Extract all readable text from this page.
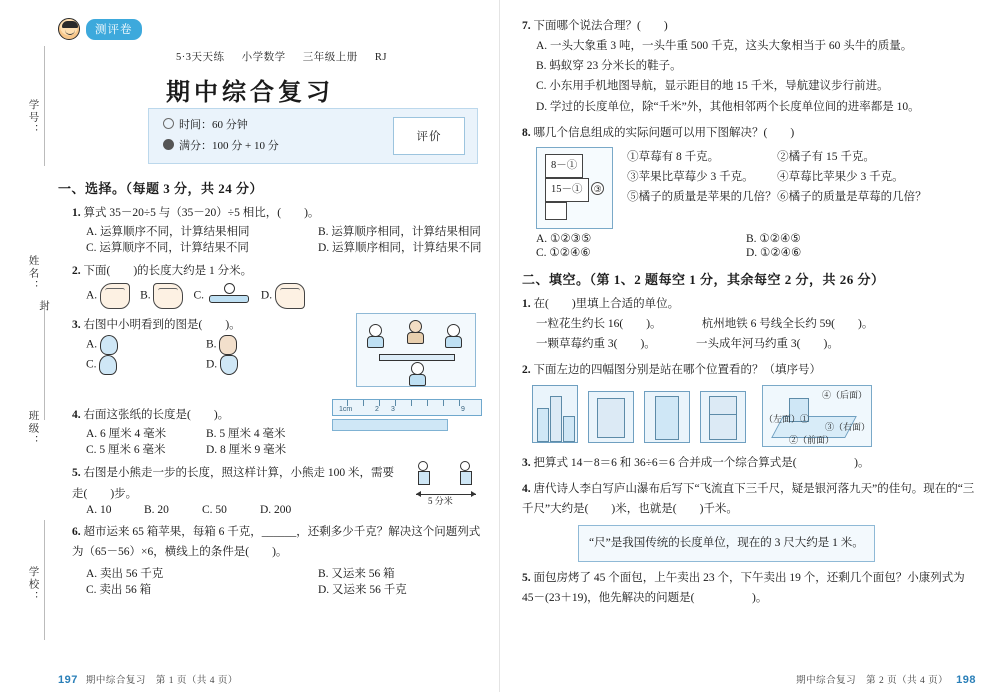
学号：
姓名：
班级：
学校：
封
测评卷
5·3天天练 小学数学 三年级上册 RJ
期中综合复习
时间：60 分钟
满分：100 分 + 10 分
评价
一、选择。（每题 3 分，共 24 分）
1. 算式 35－20÷5 与（35－20）÷5 相比，(　　)。
A. 运算顺序不同，计算结果相同	B. 运算顺序相同，计算结果相同
C. 运算顺序不同，计算结果不同	D. 运算顺序相同，计算结果不同
2. 下面(　　)的长度大约是 1 分米。
A.	B.	C.	D.
3. 右图中小明看到的图是(　　)。
A.	B.
C.	D.
4. 右面这张纸的长度是(　　)。
A. 6 厘米 4 毫米	B. 5 厘米 4 毫米
C. 5 厘米 6 毫米	D. 8 厘米 9 毫米
1cm	2 3	9
5. 右图是小熊走一步的长度，照这样计算，小熊走 100 米，需要走(　　)步。
A. 10	B. 20	C. 50	D. 200
5 分米
6. 超市运来 65 箱苹果，每箱 6 千克，______，还剩多少千克？解决这个问题列式为（65－56）×6，横线上的条件是(　　)。
A. 卖出 56 千克	B. 又运来 56 箱
C. 卖出 56 箱	D. 又运来 56 千克
197 期中综合复习　第 1 页（共 4 页）
7. 下面哪个说法合理？(　　)
A. 一头大象重 3 吨，一头牛重 500 千克，这头大象相当于 60 头牛的质量。
B. 蚂蚁穿 23 分米长的鞋子。
C. 小东用手机地图导航，显示距目的地 15 千米，导航建议步行前进。
D. 学过的长度单位，除“千米”外，其他相邻两个长度单位间的进率都是 10。
8. 哪几个信息组成的实际问题可以用下图解决？(　　)
8－①
15－① ③
①草莓有 8 千克。	②橘子有 15 千克。
③苹果比草莓少 3 千克。	④草莓比苹果少 3 千克。
⑤橘子的质量是苹果的几倍？ ⑥橘子的质量是草莓的几倍？
A. ①②③⑤	B. ①②④⑤
C. ①②④⑥	D. ①②④⑥
二、填空。（第 1、2 题每空 1 分，其余每空 2 分，共 26 分）
1. 在(　　)里填上合适的单位。
一粒花生约长 16(　　)。　　　　杭州地铁 6 号线全长约 59(　　)。
一颗草莓约重 3(　　)。　　　　一头成年河马约重 3(　　)。
2. 下面左边的四幅图分别是站在哪个位置看的？（填序号）
④（后面）
（左面）①
③（右面）
②（前面）
3. 把算式 14－8＝6 和 36÷6＝6 合并成一个综合算式是(　　　　　)。
4. 唐代诗人李白写庐山瀑布后写下“飞流直下三千尺，疑是银河落九天”的佳句。现在的“三千尺”大约是(　　)米，也就是(　　)千米。
“尺”是我国传统的长度单位，现在的 3 尺大约是 1 米。
5. 面包房烤了 45 个面包，上午卖出 23 个，下午卖出 19 个，还剩几个面包？小康列式为 45－(23＋19)，他先解决的问题是(　　　　　)。
期中综合复习　第 2 页（共 4 页） 198
